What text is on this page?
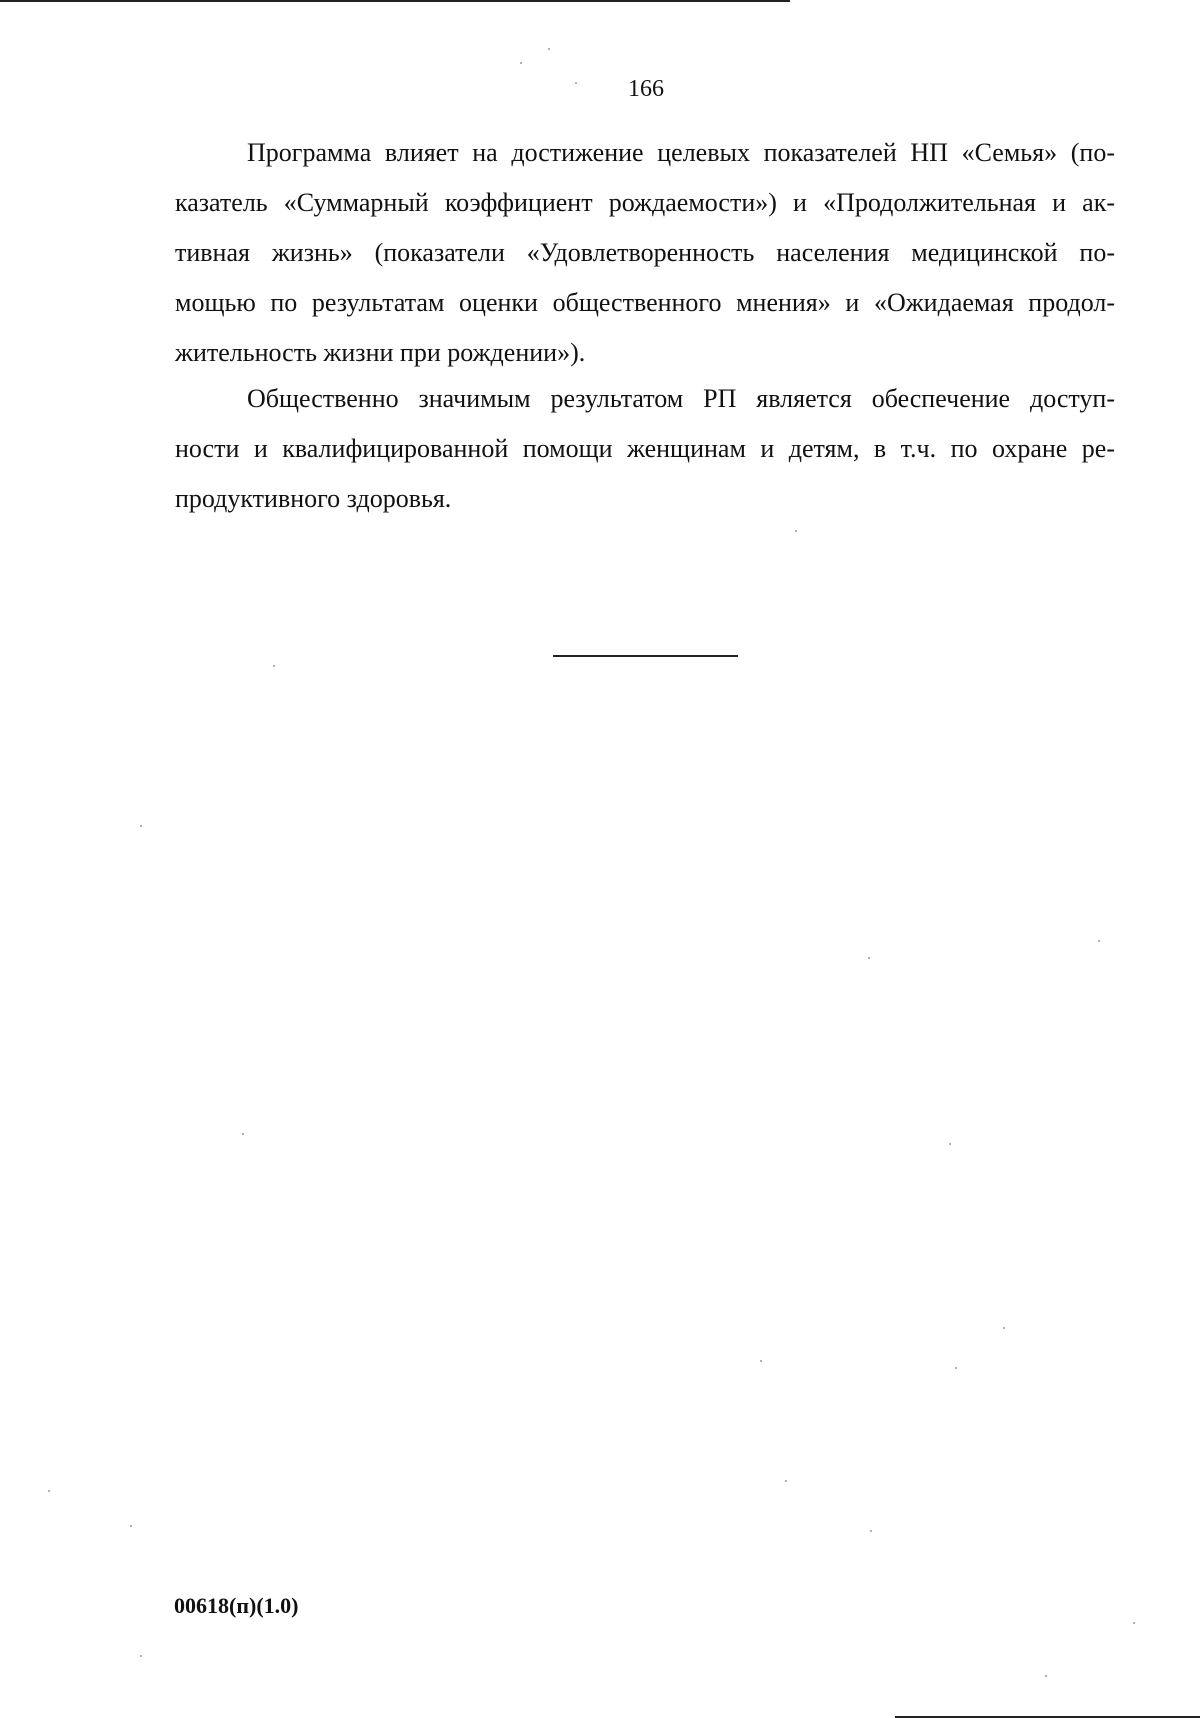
166
Программа влияет на достижение целевых показателей НП «Семья» (по-
казатель «Суммарный коэффициент рождаемости») и «Продолжительная и ак-
тивная жизнь» (показатели «Удовлетворенность населения медицинской по-
мощью по результатам оценки общественного мнения» и «Ожидаемая продол-
жительность жизни при рождении»).
Общественно значимым результатом РП является обеспечение доступ-
ности и квалифицированной помощи женщинам и детям, в т.ч. по охране ре-
продуктивного здоровья.
00618(п)(1.0)
